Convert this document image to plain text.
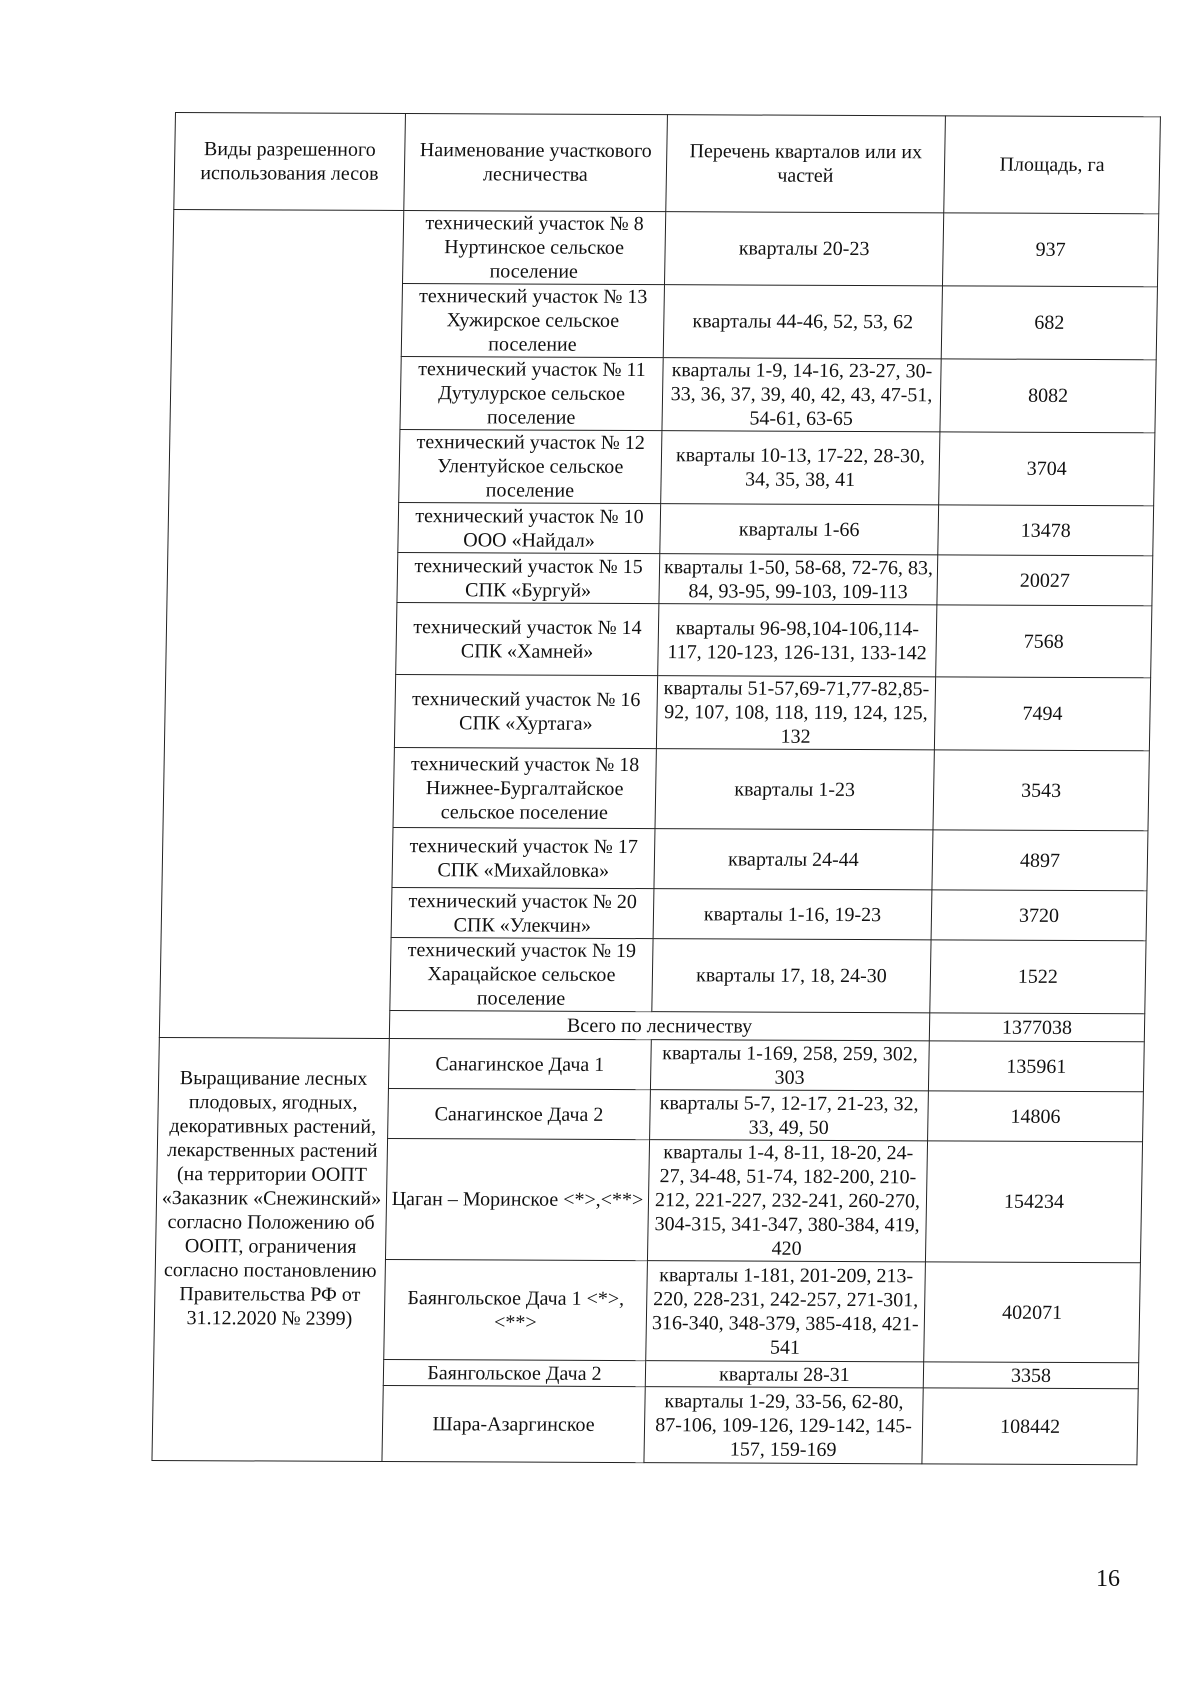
Виды разрешенного использования лесов	Наименование участкового лесничества	Перечень кварталов или их частей	Площадь, га
	технический участок № 8 Нуртинское сельское поселение	кварталы 20-23	937
	технический участок № 13 Хужирское сельское поселение	кварталы 44-46, 52, 53, 62	682
	технический участок № 11 Дутулурское сельское поселение	кварталы 1-9, 14-16, 23-27, 30-33, 36, 37, 39, 40, 42, 43, 47-51, 54-61, 63-65	8082
	технический участок № 12 Улентуйское сельское поселение	кварталы 10-13, 17-22, 28-30, 34, 35, 38, 41	3704
	технический участок № 10 ООО «Найдал»	кварталы 1-66	13478
	технический участок № 15 СПК «Бургуй»	кварталы 1-50, 58-68, 72-76, 83, 84, 93-95, 99-103, 109-113	20027
	технический участок № 14 СПК «Хамней»	кварталы 96-98,104-106,114-117, 120-123, 126-131, 133-142	7568
	технический участок № 16 СПК «Хуртага»	кварталы 51-57,69-71,77-82,85-92, 107, 108, 118, 119, 124, 125, 132	7494
	технический участок № 18 Нижнее-Бургалтайское сельское поселение	кварталы 1-23	3543
	технический участок № 17 СПК «Михайловка»	кварталы 24-44	4897
	технический участок № 20 СПК «Улекчин»	кварталы 1-16, 19-23	3720
	технический участок № 19 Харацайское сельское поселение	кварталы 17, 18, 24-30	1522
	Всего по лесничеству		1377038
Выращивание лесных плодовых, ягодных, декоративных растений, лекарственных растений (на территории ООПТ «Заказник «Снежинский» согласно Положению об ООПТ, ограничения согласно постановлению Правительства РФ от 31.12.2020 № 2399)	Санагинское Дача 1	кварталы 1-169, 258, 259, 302, 303	135961
	Санагинское Дача 2	кварталы 5-7, 12-17, 21-23, 32, 33, 49, 50	14806
	Цаган – Моринское <*>,<**>	кварталы 1-4, 8-11, 18-20, 24-27, 34-48, 51-74, 182-200, 210-212, 221-227, 232-241, 260-270, 304-315, 341-347, 380-384, 419, 420	154234
	Баянгольское Дача 1 <*>,<**>	кварталы 1-181, 201-209, 213-220, 228-231, 242-257, 271-301, 316-340, 348-379, 385-418, 421-541	402071
	Баянгольское Дача 2	кварталы 28-31	3358
	Шара-Азаргинское	кварталы 1-29, 33-56, 62-80, 87-106, 109-126, 129-142, 145-157, 159-169	108442
16
